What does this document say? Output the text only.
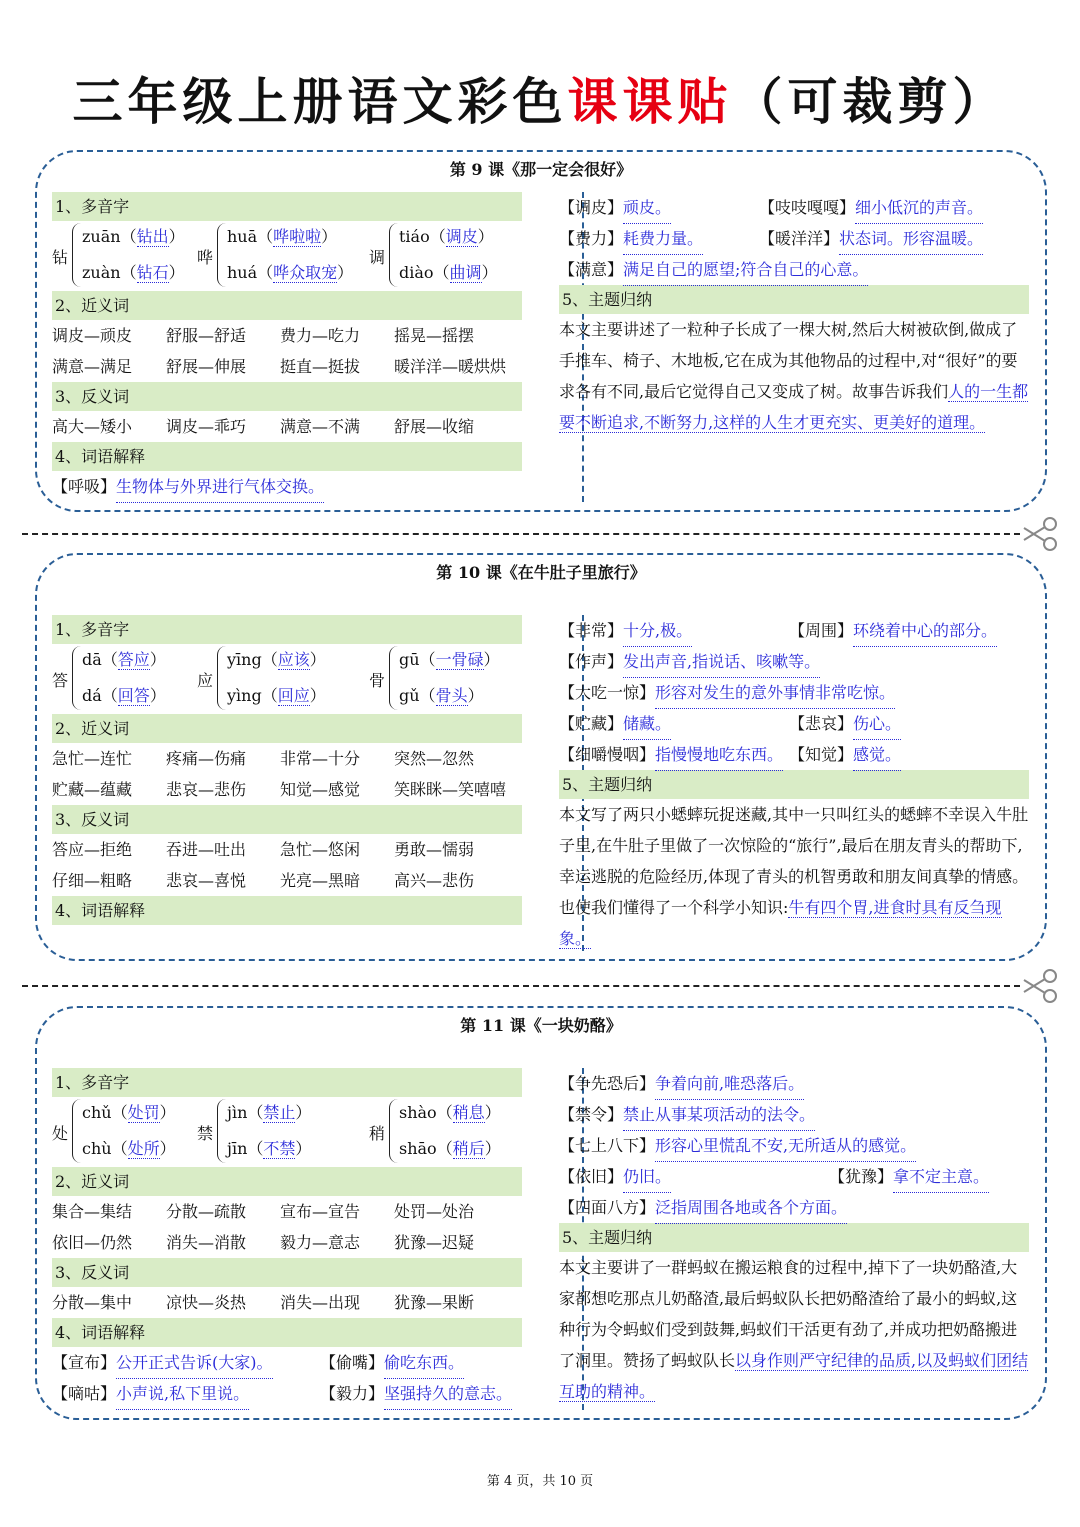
三年级上册语文彩色课课贴（可裁剪）
第 9 课《那一定会很好》
1、多音字
钻
zuān（钻出）
zuàn（钻石）
哗
huā（哗啦啦）
huá（哗众取宠）
调
tiáo（调皮）
diào（曲调）
2、近义词
调皮—顽皮 舒服—舒适 费力—吃力 摇晃—摇摆
满意—满足 舒展—伸展 挺直—挺拔 暖洋洋—暖烘烘
3、反义词
高大—矮小 调皮—乖巧 满意—不满 舒展—收缩
4、词语解释
【呼吸】生物体与外界进行气体交换。
【调皮】顽皮。	【吱吱嘎嘎】细小低沉的声音。
【费力】耗费力量。	【暖洋洋】状态词。形容温暖。
【满意】满足自己的愿望;符合自己的心意。
5、主题归纳
本文主要讲述了一粒种子长成了一棵大树,然后大树被砍倒,做成了手推车、椅子、木地板,它在成为其他物品的过程中,对“很好”的要求各有不同,最后它觉得自己又变成了树。故事告诉我们人的一生都要不断追求,不断努力,这样的人生才更充实、更美好的道理。
第 10 课《在牛肚子里旅行》
1、多音字
答
dā（答应）
dá（回答）
应
yīng（应该）
yìng（回应）
骨
gū（一骨碌）
gǔ（骨头）
2、近义词
急忙—连忙 疼痛—伤痛 非常—十分 突然—忽然
贮藏—蕴藏 悲哀—悲伤 知觉—感觉 笑眯眯—笑嘻嘻
3、反义词
答应—拒绝 吞进—吐出 急忙—悠闲 勇敢—懦弱
仔细—粗略 悲哀—喜悦 光亮—黑暗 高兴—悲伤
4、词语解释
【非常】十分,极。	【周围】环绕着中心的部分。
【作声】发出声音,指说话、咳嗽等。
【大吃一惊】形容对发生的意外事情非常吃惊。
【贮藏】储藏。	【悲哀】伤心。
【细嚼慢咽】指慢慢地吃东西。 【知觉】感觉。
5、主题归纳
本文写了两只小蟋蟀玩捉迷藏,其中一只叫红头的蟋蟀不幸误入牛肚子里,在牛肚子里做了一次惊险的“旅行”,最后在朋友青头的帮助下,幸运逃脱的危险经历,体现了青头的机智勇敢和朋友间真挚的情感。也使我们懂得了一个科学小知识:牛有四个胃,进食时具有反刍现象。
第 11 课《一块奶酪》
1、多音字
处
chǔ（处罚）
chù（处所）
禁
jìn（禁止）
jīn（不禁）
稍
shào（稍息）
shāo（稍后）
2、近义词
集合—集结 分散—疏散 宣布—宣告 处罚—处治
依旧—仍然 消失—消散 毅力—意志 犹豫—迟疑
3、反义词
分散—集中 凉快—炎热 消失—出现 犹豫—果断
4、词语解释
【宣布】公开正式告诉(大家)。	【偷嘴】偷吃东西。
【嘀咕】小声说,私下里说。	【毅力】坚强持久的意志。
【争先恐后】争着向前,唯恐落后。
【禁令】禁止从事某项活动的法令。
【七上八下】形容心里慌乱不安,无所适从的感觉。
【依旧】仍旧。	【犹豫】拿不定主意。
【四面八方】泛指周围各地或各个方面。
5、主题归纳
本文主要讲了一群蚂蚁在搬运粮食的过程中,掉下了一块奶酪渣,大家都想吃那点儿奶酪渣,最后蚂蚁队长把奶酪渣给了最小的蚂蚁,这种行为令蚂蚁们受到鼓舞,蚂蚁们干活更有劲了,并成功把奶酪搬进了洞里。赞扬了蚂蚁队长以身作则严守纪律的品质,以及蚂蚁们团结互助的精神。
第 4 页，共 10 页
